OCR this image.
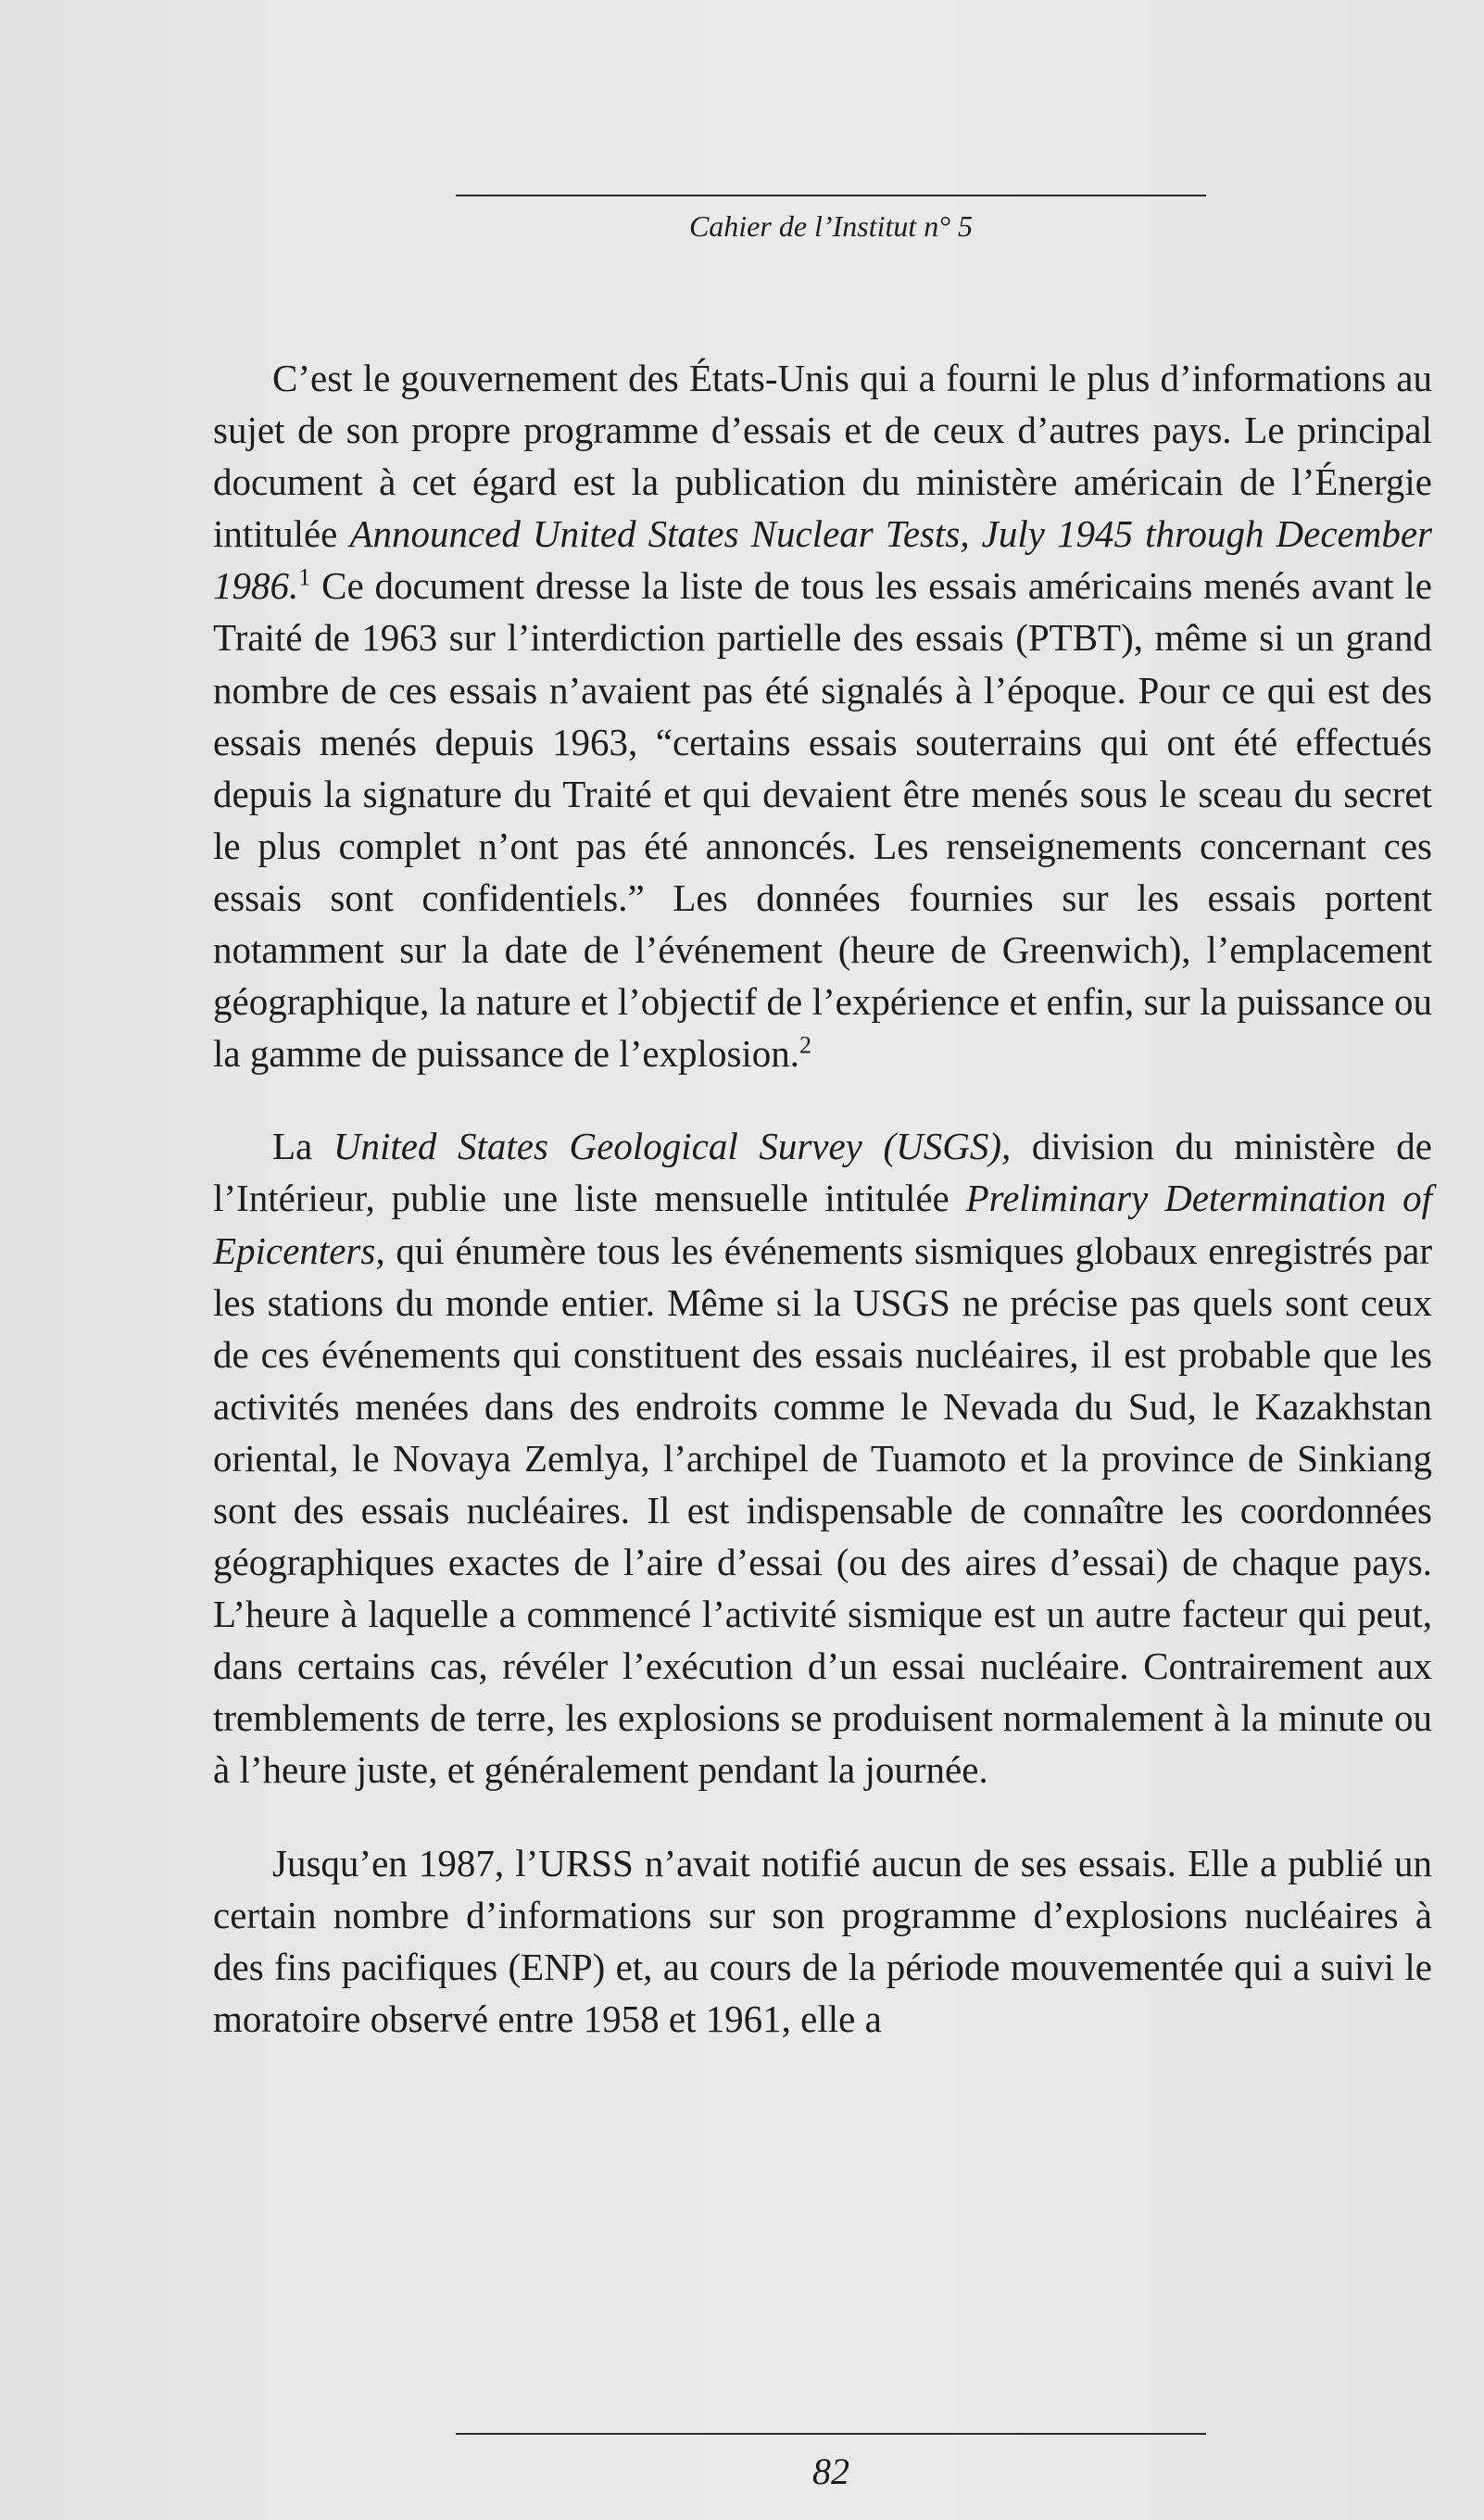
Cahier de l’Institut n° 5

C’est le gouvernement des États-Unis qui a fourni le plus d’informations au sujet de son propre programme d’essais et de ceux d’autres pays. Le principal document à cet égard est la publication du ministère américain de l’Énergie intitulée Announced United States Nuclear Tests, July 1945 through December 1986.$^1$ Ce document dresse la liste de tous les essais américains menés avant le Traité de 1963 sur l’interdiction partielle des essais (PTBT), même si un grand nombre de ces essais n’avaient pas été signalés à l’époque. Pour ce qui est des essais menés depuis 1963, “certains essais souterrains qui ont été effectués depuis la signature du Traité et qui devaient être menés sous le sceau du secret le plus complet n’ont pas été annoncés. Les renseignements concernant ces essais sont confidentiels.” Les données fournies sur les essais portent notamment sur la date de l’événement (heure de Greenwich), l’emplacement géographique, la nature et l’objectif de l’expérience et enfin, sur la puissance ou la gamme de puissance de l’explosion.$^2$

La United States Geological Survey (USGS), division du ministère de l’Intérieur, publie une liste mensuelle intitulée Preliminary Determination of Epicenters, qui énumère tous les événements sismiques globaux enregistrés par les stations du monde entier. Même si la USGS ne précise pas quels sont ceux de ces événements qui constituent des essais nucléaires, il est probable que les activités menées dans des endroits comme le Nevada du Sud, le Kazakhstan oriental, le Novaya Zemlya, l’archipel de Tuamoto et la province de Sinkiang sont des essais nucléaires. Il est indispensable de connaître les coordonnées géographiques exactes de l’aire d’essai (ou des aires d’essai) de chaque pays. L’heure à laquelle a commencé l’activité sismique est un autre facteur qui peut, dans certains cas, révéler l’exécution d’un essai nucléaire. Contrairement aux tremblements de terre, les explosions se produisent normalement à la minute ou à l’heure juste, et généralement pendant la journée.

Jusqu’en 1987, l’URSS n’avait notifié aucun de ses essais. Elle a publié un certain nombre d’informations sur son programme d’explosions nucléaires à des fins pacifiques (ENP) et, au cours de la période mouvementée qui a suivi le moratoire observé entre 1958 et 1961, elle a

82
